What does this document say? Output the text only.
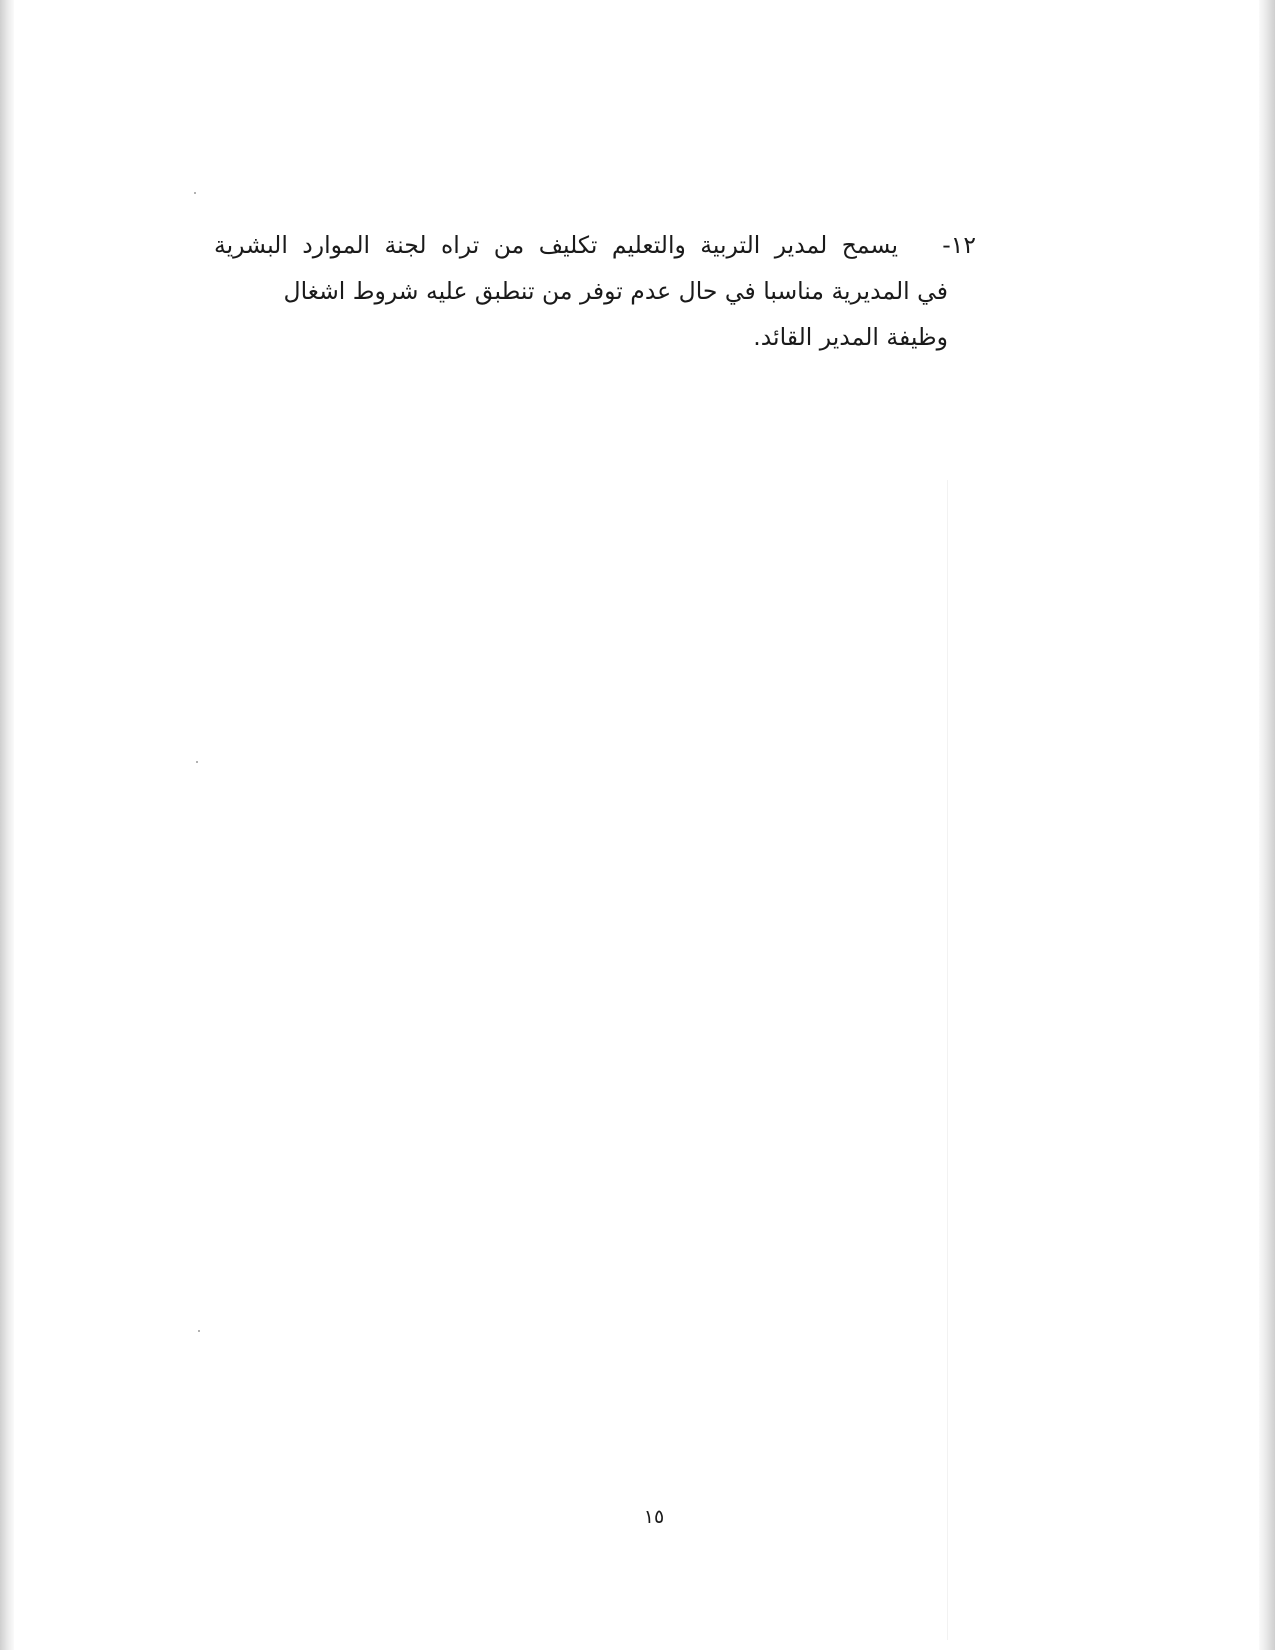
١٢-يسمح لمدير التربية والتعليم تكليف من تراه لجنة الموارد البشرية
في المديرية مناسبا في حال عدم توفر من تنطبق عليه شروط اشغال
وظيفة المدير القائد.
١٥
